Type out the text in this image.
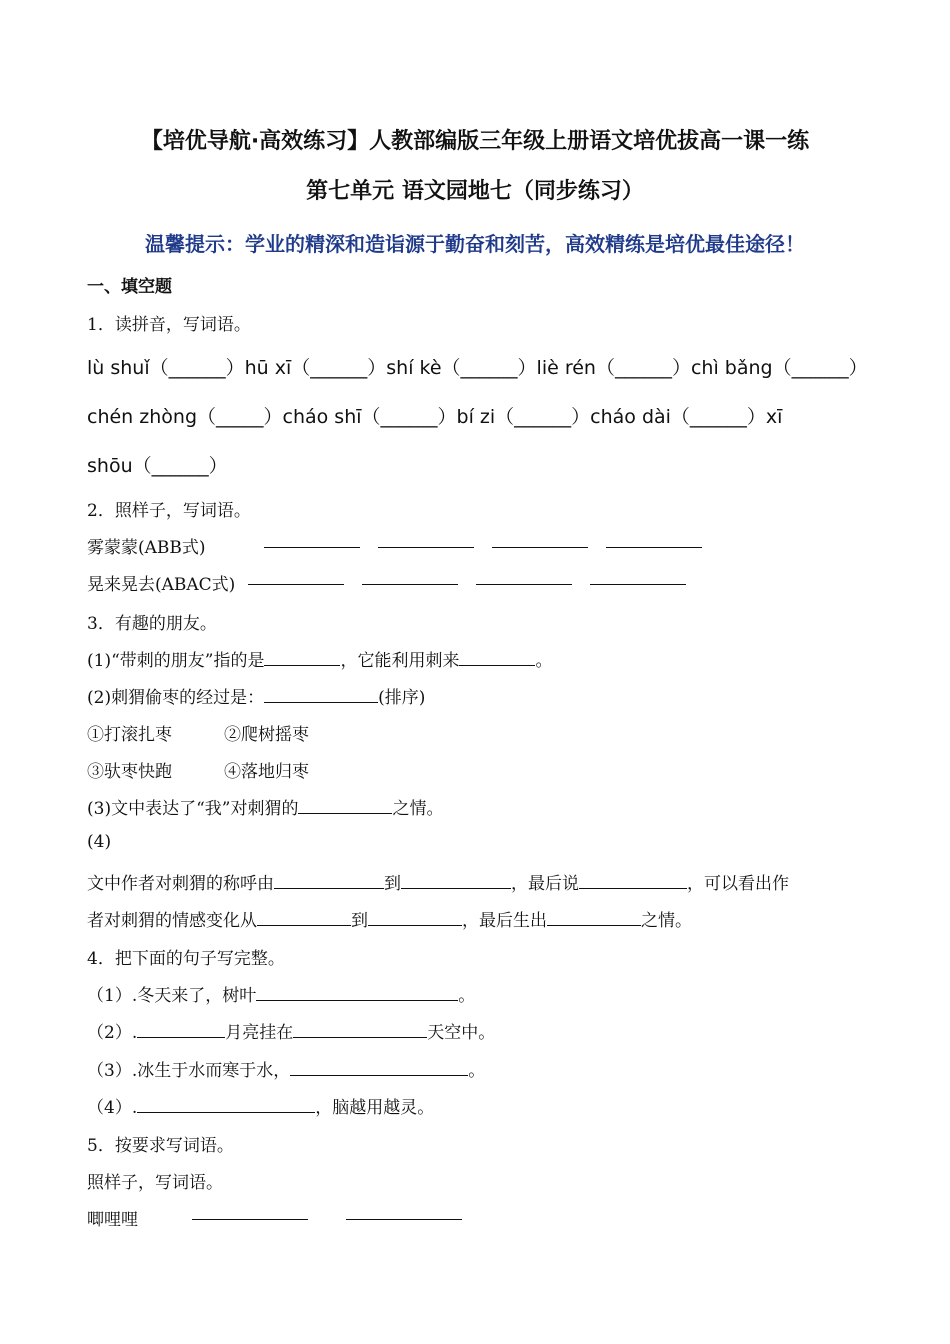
【培优导航·高效练习】人教部编版三年级上册语文培优拔高一课一练
第七单元 语文园地七（同步练习）
温馨提示：学业的精深和造诣源于勤奋和刻苦，高效精练是培优最佳途径！
一、填空题
1．读拼音，写词语。
lù shuǐ（______）hū xī（______）shí kè（______）liè rén（______）chì bǎng（______）
chén zhòng（_____）cháo shī（______）bí zi（______）cháo dài（______）xī
shōu（______）
2．照样子，写词语。
雾蒙蒙(ABB式)
晃来晃去(ABAC式)
3．有趣的朋友。
(1)“带刺的朋友”指的是	，它能利用刺来	。
(2)刺猬偷枣的经过是：	(排序)
①打滚扎枣	②爬树摇枣
③驮枣快跑	④落地归枣
(3)文中表达了“我”对刺猬的	之情。
(4)
文中作者对刺猬的称呼由	到	，最后说	，可以看出作
者对刺猬的情感变化从	到	，最后生出	之情。
4．把下面的句子写完整。
（1）.冬天来了，树叶	。
（2）.	月亮挂在	天空中。
（3）.冰生于水而寒于水，	。
（4）.	，脑越用越灵。
5．按要求写词语。
照样子，写词语。
唧哩哩
